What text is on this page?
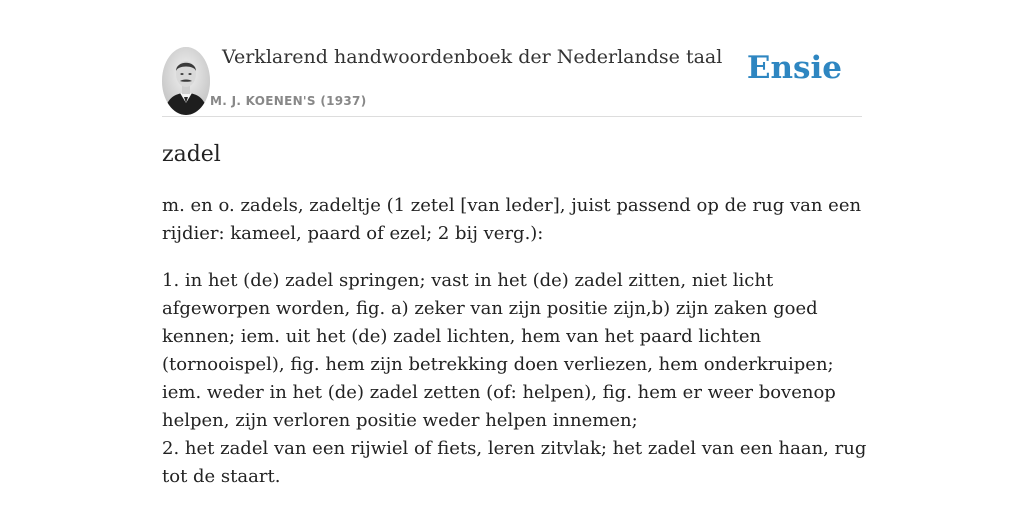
Verklarend handwoordenboek der Nederlandse taal
M. J. KOENEN'S (1937)
Ensie
zadel

m. en o. zadels, zadeltje (1 zetel [van leder], juist passend op de rug van een rijdier: kameel, paard of ezel; 2 bij verg.):

1. in het (de) zadel springen; vast in het (de) zadel zitten, niet licht afgeworpen worden, fig. a) zeker van zijn positie zijn,b) zijn zaken goed kennen; iem. uit het (de) zadel lichten, hem van het paard lichten (tornooispel), fig. hem zijn betrekking doen verliezen, hem onderkruipen; iem. weder in het (de) zadel zetten (of: helpen), fig. hem er weer bovenop helpen, zijn verloren positie weder helpen innemen;
2. het zadel van een rijwiel of fiets, leren zitvlak; het zadel van een haan, rug tot de staart.
